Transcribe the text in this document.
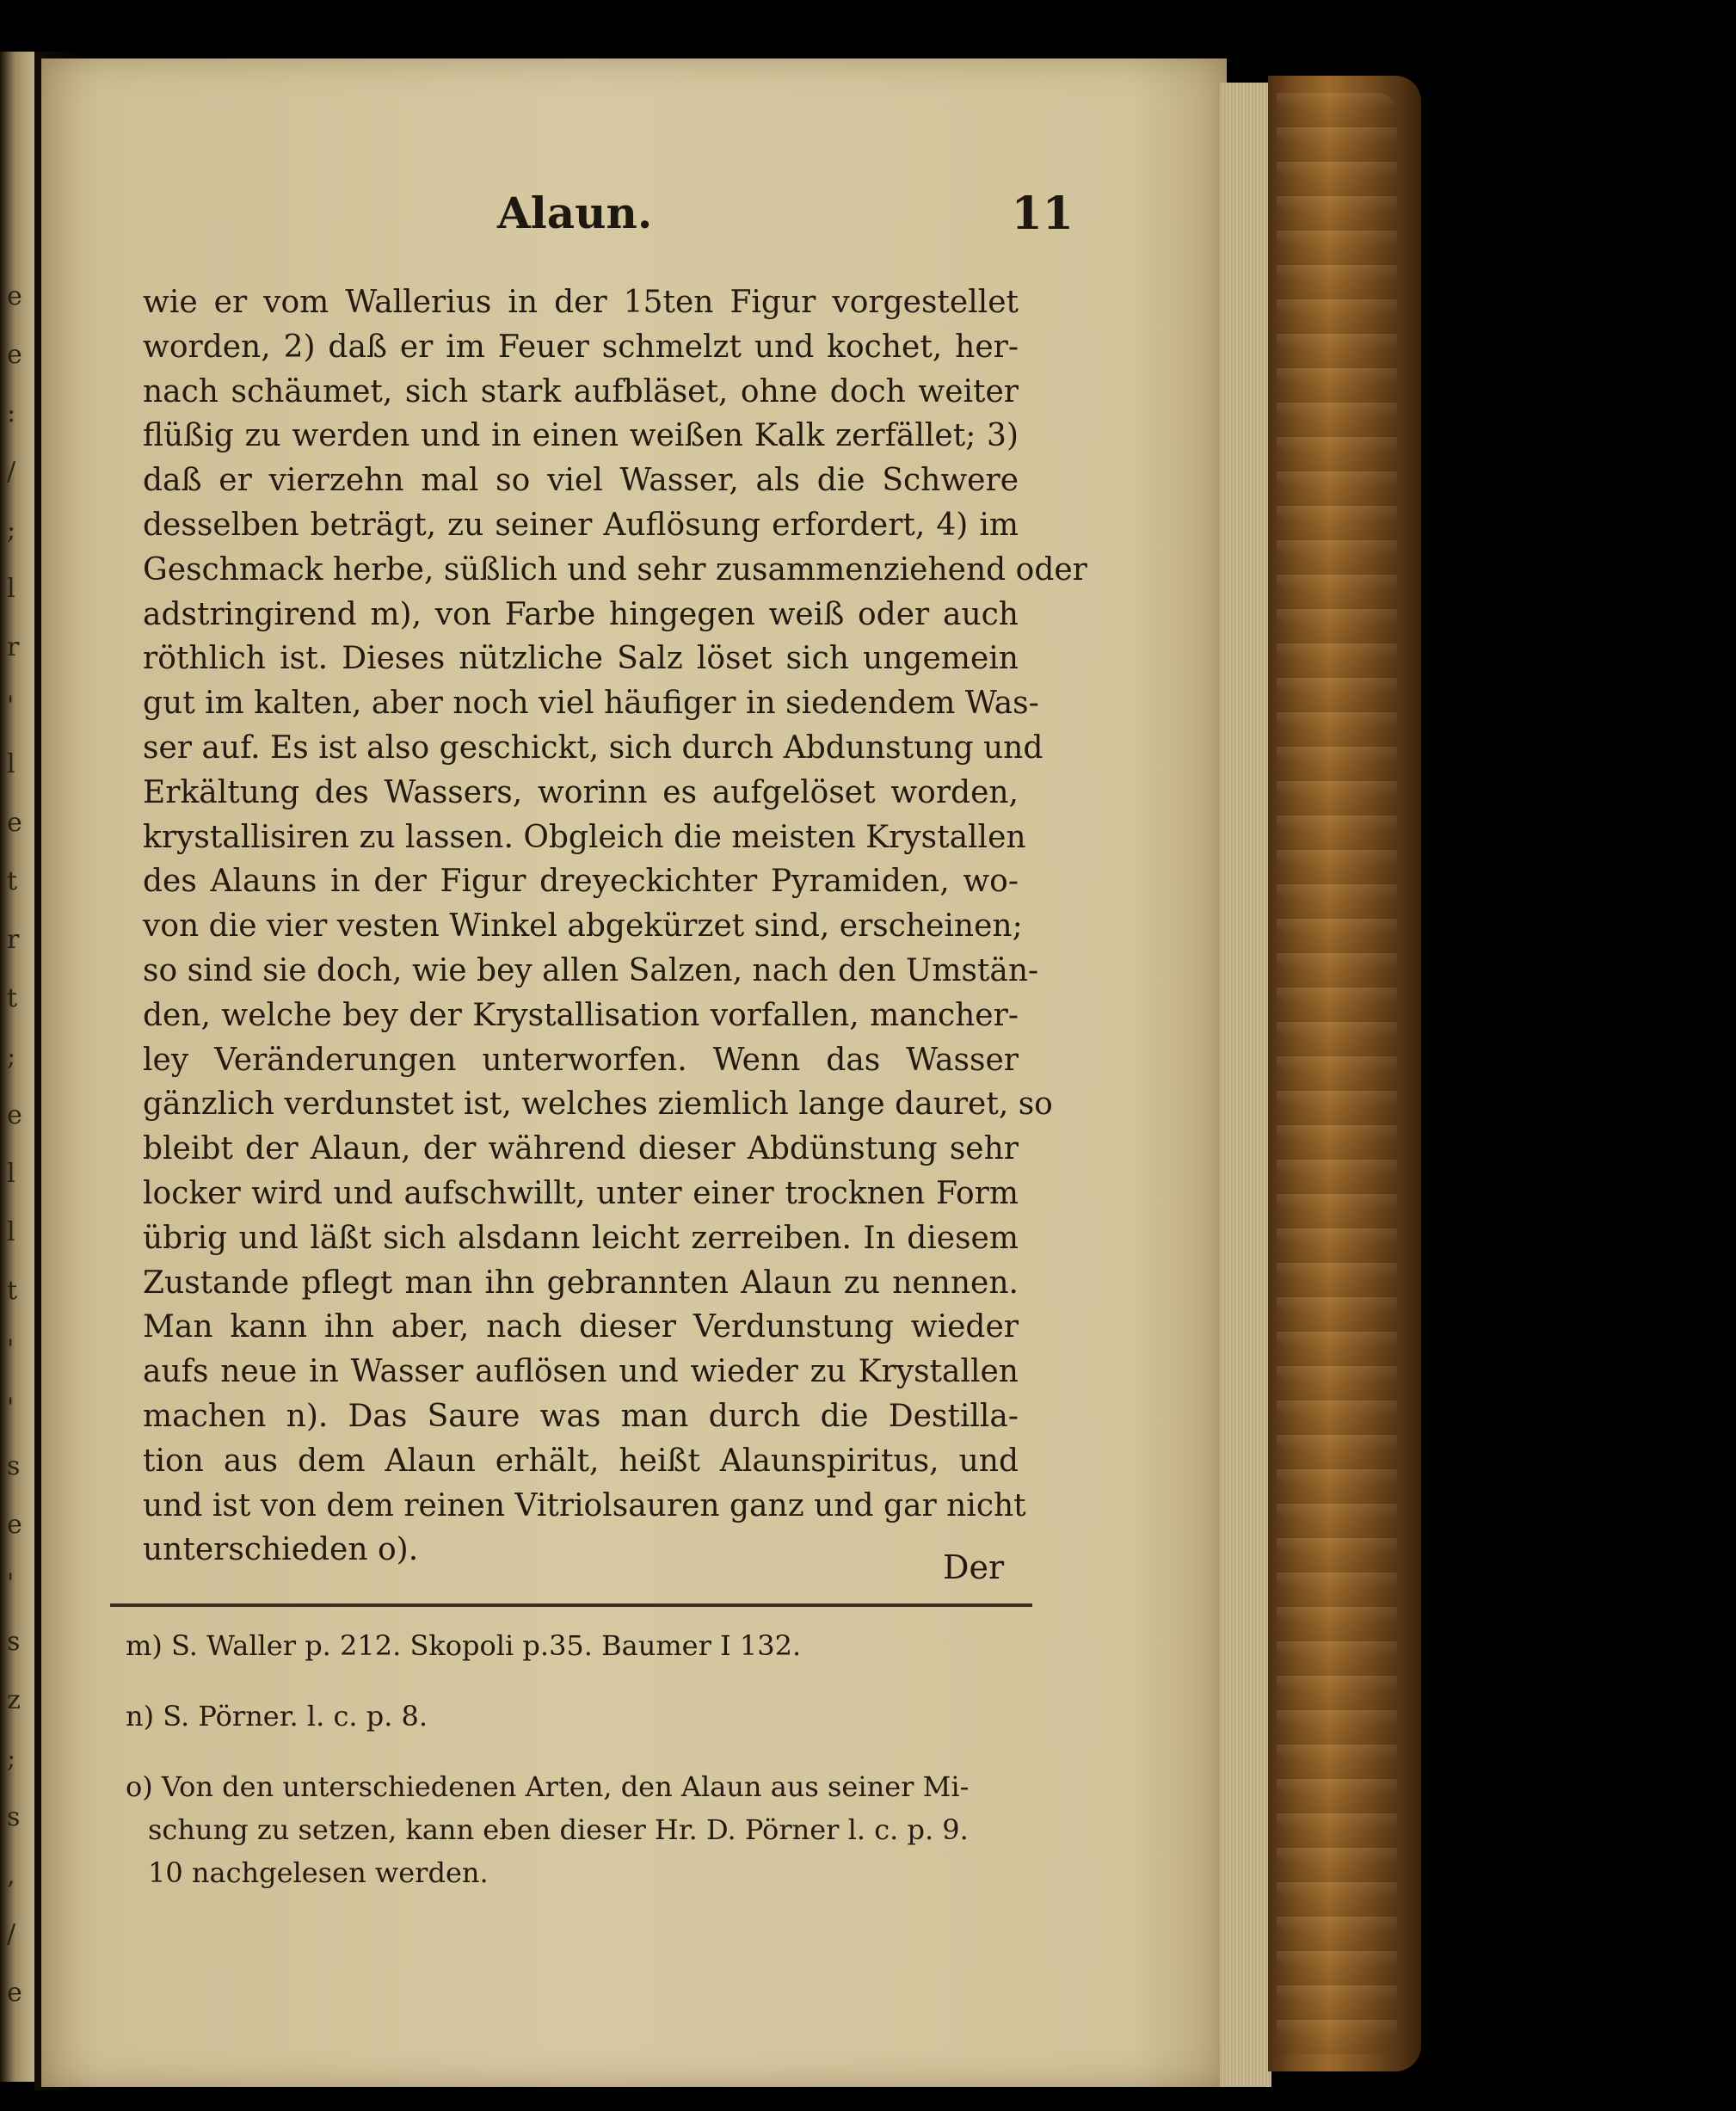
e
e
:
/
;
l
r
'
l
e
t
r
t
;
e
l
l
t
'
'
s
e
'
s
z
;
s
,
/
e
Alaun.	11
wie er vom Wallerius in der 15ten Figur vorgestellet
worden, 2) daß er im Feuer schmelzt und kochet, her-
nach schäumet, sich stark aufbläset, ohne doch weiter
flüßig zu werden und in einen weißen Kalk zerfället; 3)
daß er vierzehn mal so viel Wasser, als die Schwere
desselben beträgt, zu seiner Auflösung erfordert, 4) im
Geschmack herbe, süßlich und sehr zusammenziehend oder
adstringirend m), von Farbe hingegen weiß oder auch
röthlich ist. Dieses nützliche Salz löset sich ungemein
gut im kalten, aber noch viel häufiger in siedendem Was-
ser auf. Es ist also geschickt, sich durch Abdunstung und
Erkältung des Wassers, worinn es aufgelöset worden,
krystallisiren zu lassen. Obgleich die meisten Krystallen
des Alauns in der Figur dreyeckichter Pyramiden, wo-
von die vier vesten Winkel abgekürzet sind, erscheinen;
so sind sie doch, wie bey allen Salzen, nach den Umstän-
den, welche bey der Krystallisation vorfallen, mancher-
ley Veränderungen unterworfen. Wenn das Wasser
gänzlich verdunstet ist, welches ziemlich lange dauret, so
bleibt der Alaun, der während dieser Abdünstung sehr
locker wird und aufschwillt, unter einer trocknen Form
übrig und läßt sich alsdann leicht zerreiben. In diesem
Zustande pflegt man ihn gebrannten Alaun zu nennen.
Man kann ihn aber, nach dieser Verdunstung wieder
aufs neue in Wasser auflösen und wieder zu Krystallen
machen n). Das Saure was man durch die Destilla-
tion aus dem Alaun erhält, heißt Alaunspiritus, und
und ist von dem reinen Vitriolsauren ganz und gar nicht
unterschieden o).	Der
m) S. Waller p. 212. Skopoli p.35. Baumer I 132.
n) S. Pörner. l. c. p. 8.
o) Von den unterschiedenen Arten, den Alaun aus seiner Mi-
schung zu setzen, kann eben dieser Hr. D. Pörner l. c. p. 9.
10 nachgelesen werden.
